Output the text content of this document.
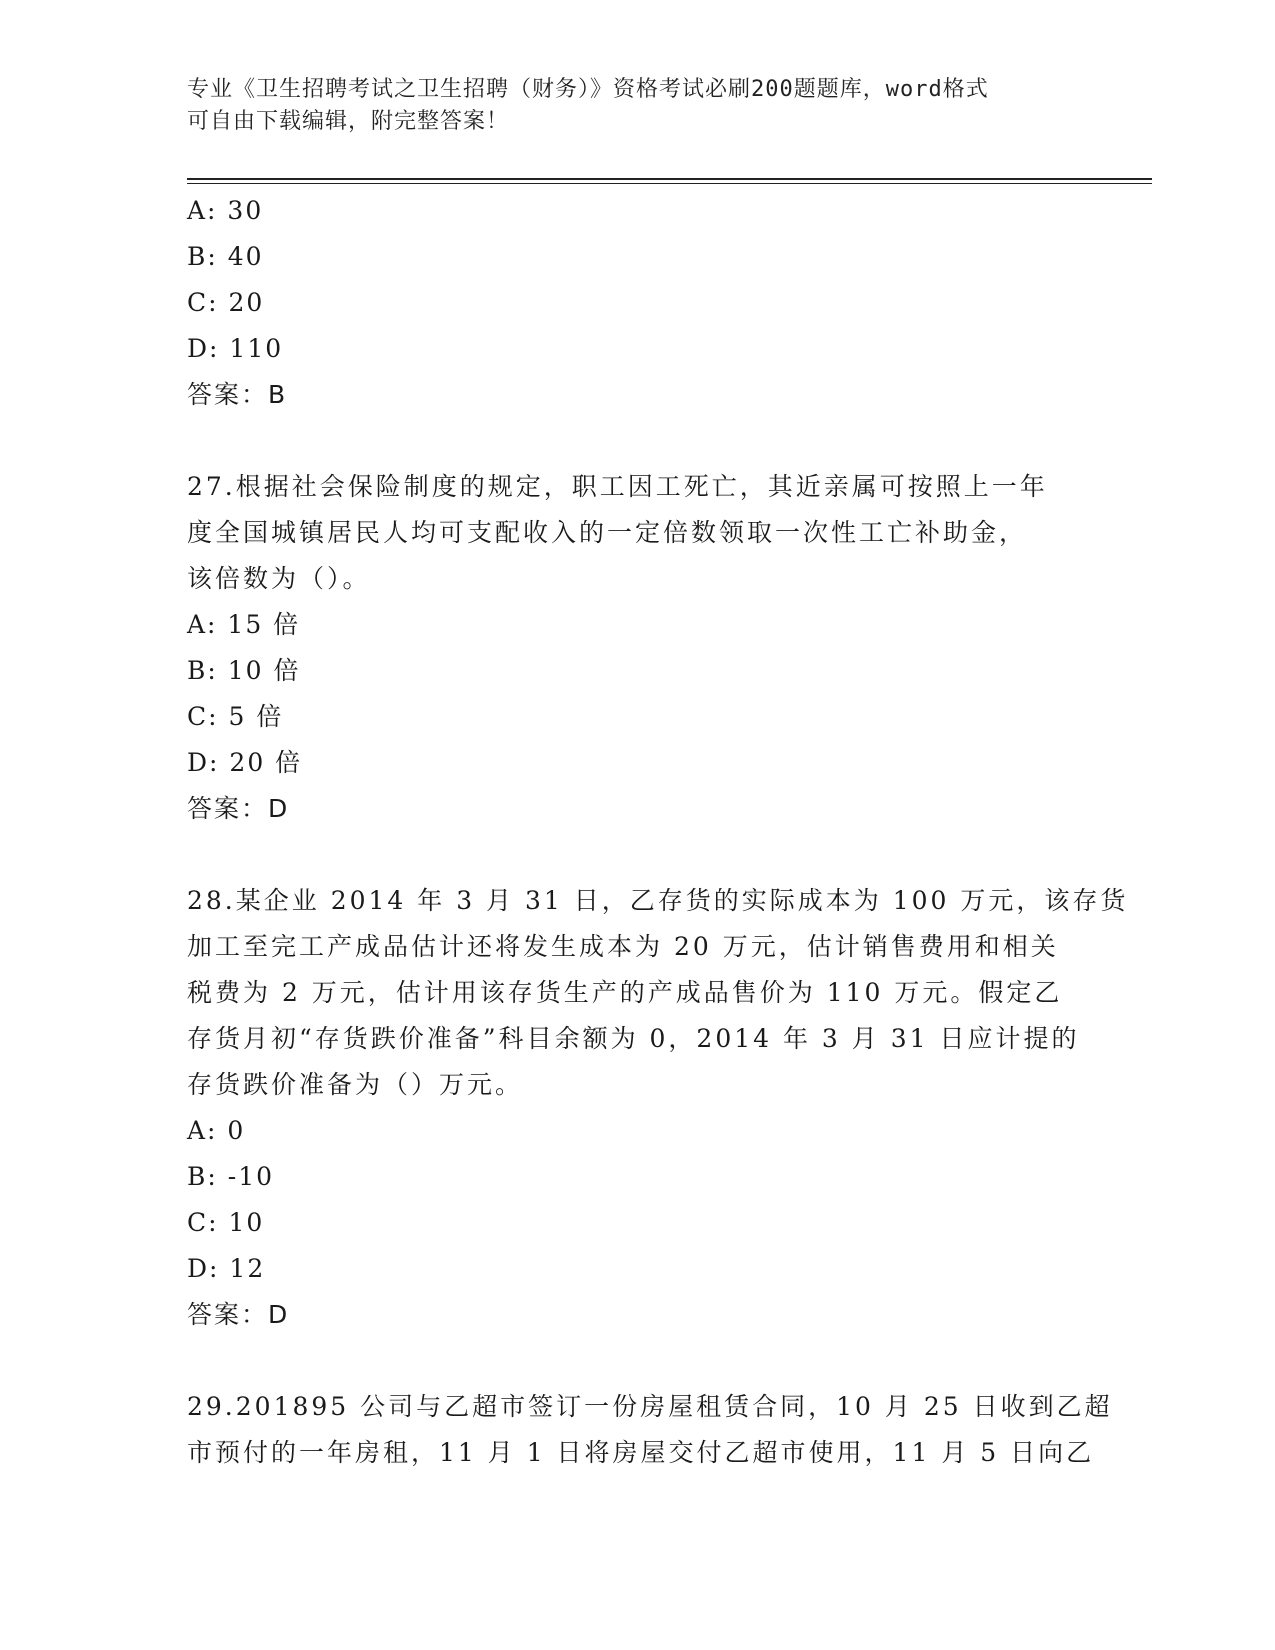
专业《卫生招聘考试之卫生招聘（财务）》资格考试必刷200题题库，word格式
可自由下载编辑，附完整答案！
A: 30
B: 40
C: 20
D: 110
答案：B
27.根据社会保险制度的规定，职工因工死亡，其近亲属可按照上一年
度全国城镇居民人均可支配收入的一定倍数领取一次性工亡补助金，
该倍数为（）。
A: 15 倍
B: 10 倍
C: 5 倍
D: 20 倍
答案：D
28.某企业 2014 年 3 月 31 日，乙存货的实际成本为 100 万元，该存货
加工至完工产成品估计还将发生成本为 20 万元，估计销售费用和相关
税费为 2 万元，估计用该存货生产的产成品售价为 110 万元。假定乙
存货月初“存货跌价准备”科目余额为 0，2014 年 3 月 31 日应计提的
存货跌价准备为（）万元。
A: 0
B: -10
C: 10
D: 12
答案：D
29.201895 公司与乙超市签订一份房屋租赁合同，10 月 25 日收到乙超
市预付的一年房租，11 月 1 日将房屋交付乙超市使用，11 月 5 日向乙
